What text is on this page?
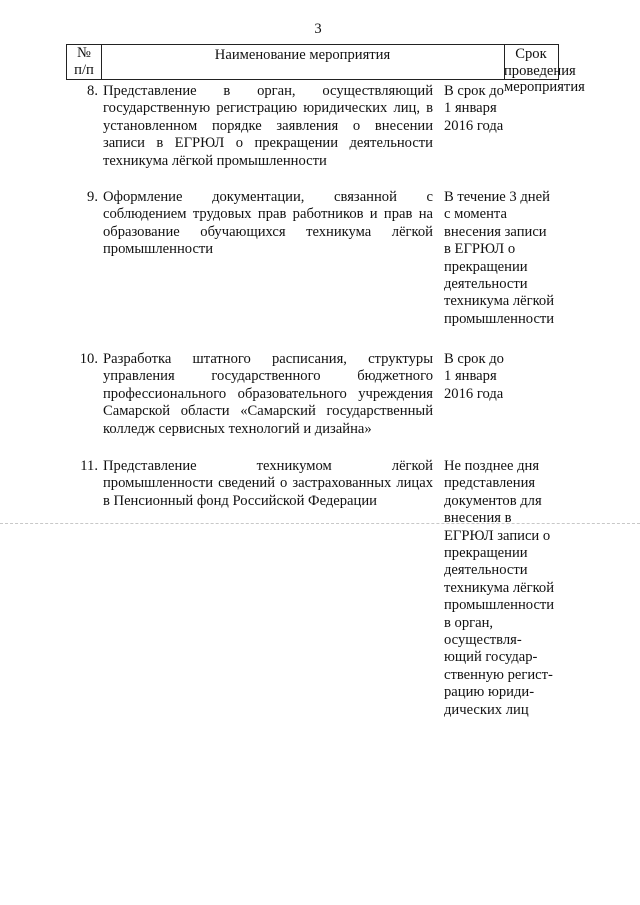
3
№
п/п
Наименование мероприятия	Срок проведения
мероприятия
8. Представление в орган, осуществляющий государственную регистрацию юридических лиц, в установленном порядке заявления о внесении записи в ЕГРЮЛ о прекращении деятельности техникума лёгкой промышленности
В срок до
1 января
2016 года
9. Оформление документации, связанной с соблюдением трудовых прав работников и прав на образование обучающихся техникума лёгкой промышленности
В течение 3 дней
с момента
внесения записи
в ЕГРЮЛ о
прекращении
деятельности
техникума лёгкой
промышленности
10. Разработка штатного расписания, структуры управления государственного бюджетного профессионального образовательного учреждения Самарской области «Самарский государственный колледж сервисных технологий и дизайна»
В срок до
1 января
2016 года
11. Представление техникумом лёгкой промышленности сведений о застрахованных лицах в Пенсионный фонд Российской Федерации
Не позднее дня
представления
документов для
внесения в
ЕГРЮЛ записи о
прекращении
деятельности
техникума лёгкой
промышленности
в орган,
осуществля-
ющий государ-
ственную регист-
рацию юриди-
дических лиц
